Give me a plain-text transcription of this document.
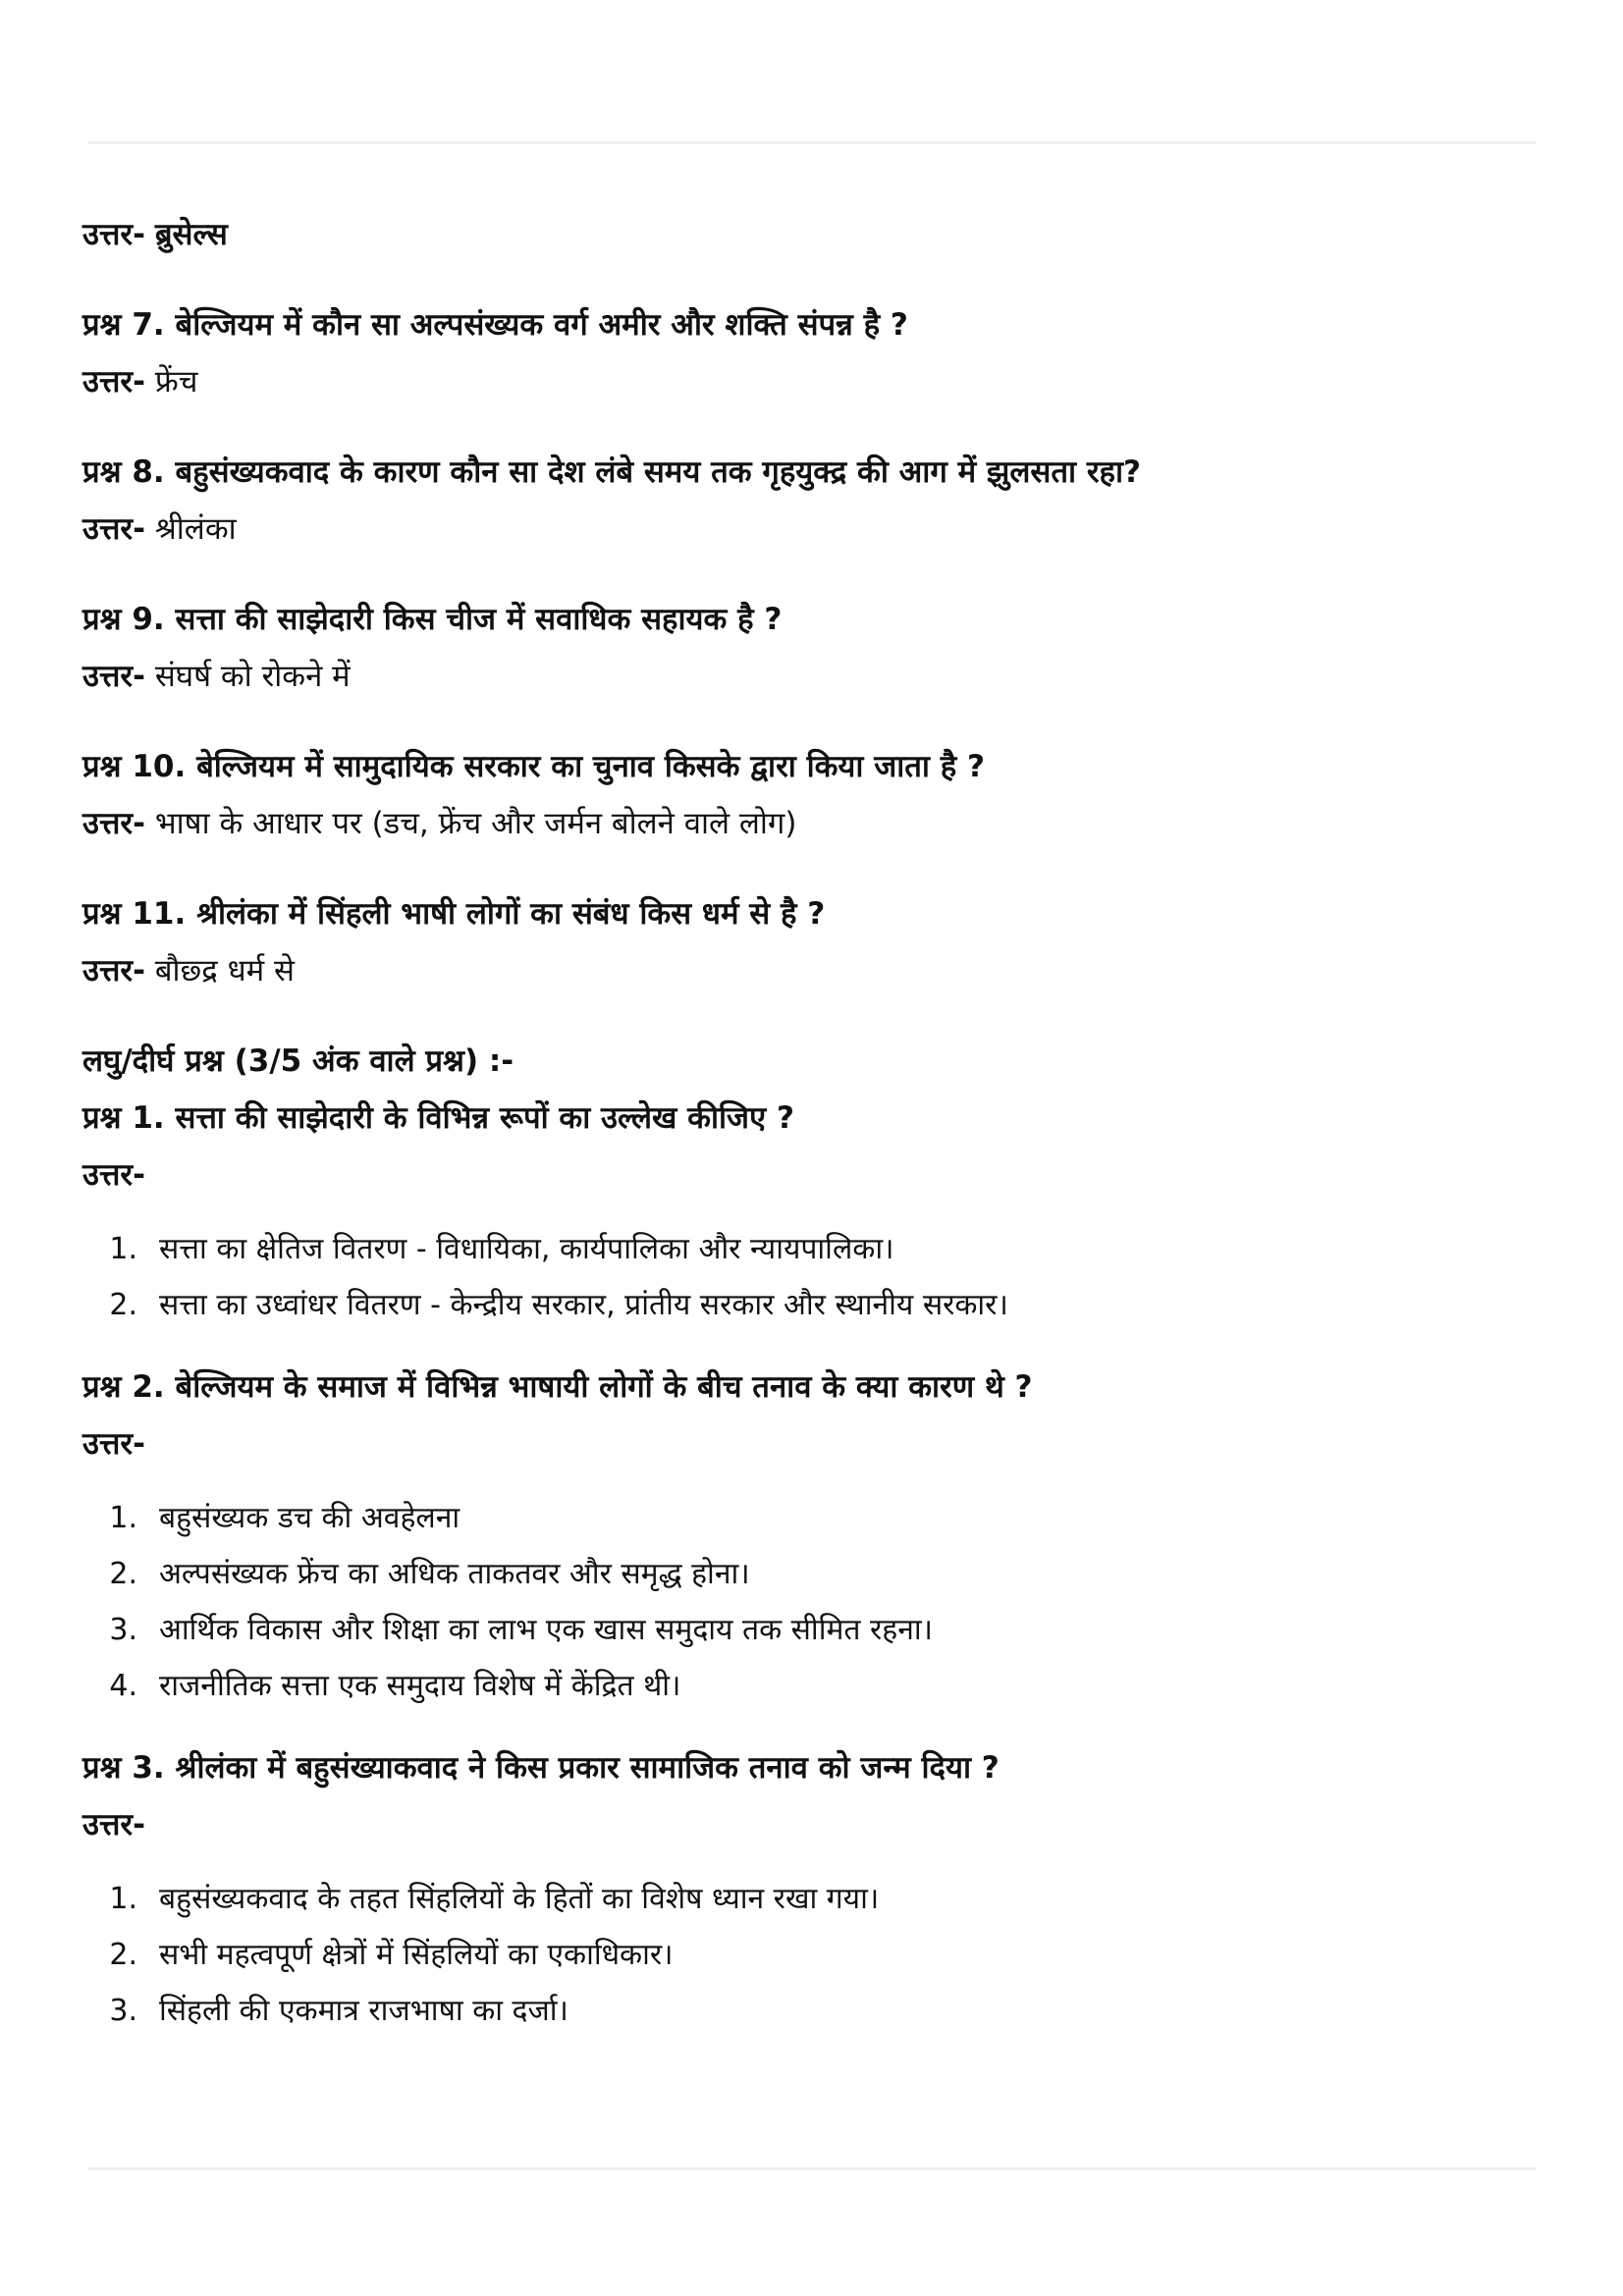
उत्तर- ब्रुसेल्स
प्रश्न 7. बेल्जियम में कौन सा अल्पसंख्यक वर्ग अमीर और शक्ति संपन्न है ?
उत्तर- फ्रेंच
प्रश्न 8. बहुसंख्यकवाद के कारण कौन सा देश लंबे समय तक गृहयुक्द्र की आग में झुलसता रहा?
उत्तर- श्रीलंका
प्रश्न 9. सत्ता की साझेदारी किस चीज में सवाधिक सहायक है ?
उत्तर- संघर्ष को रोकने में
प्रश्न 10. बेल्जियम में सामुदायिक सरकार का चुनाव किसके द्वारा किया जाता है ?
उत्तर- भाषा के आधार पर (डच, फ्रेंच और जर्मन बोलने वाले लोग)
प्रश्न 11. श्रीलंका में सिंहली भाषी लोगों का संबंध किस धर्म से है ?
उत्तर- बौछ्द्र धर्म से
लघु/दीर्घ प्रश्न (3/5 अंक वाले प्रश्न) :-
प्रश्न 1. सत्ता की साझेदारी के विभिन्न रूपों का उल्लेख कीजिए ?
उत्तर-
1. सत्ता का क्षेतिज वितरण - विधायिका, कार्यपालिका और न्यायपालिका।
2. सत्ता का उध्वांधर वितरण - केन्द्रीय सरकार, प्रांतीय सरकार और स्थानीय सरकार।
प्रश्न 2. बेल्जियम के समाज में विभिन्न भाषायी लोगों के बीच तनाव के क्या कारण थे ?
उत्तर-
1. बहुसंख्यक डच की अवहेलना
2. अल्पसंख्यक फ्रेंच का अधिक ताकतवर और समृद्ध होना।
3. आर्थिक विकास और शिक्षा का लाभ एक खास समुदाय तक सीमित रहना।
4. राजनीतिक सत्ता एक समुदाय विशेष में केंद्रित थी।
प्रश्न 3. श्रीलंका में बहुसंख्याकवाद ने किस प्रकार सामाजिक तनाव को जन्म दिया ?
उत्तर-
1. बहुसंख्यकवाद के तहत सिंहलियों के हितों का विशेष ध्यान रखा गया।
2. सभी महत्वपूर्ण क्षेत्रों में सिंहलियों का एकाधिकार।
3. सिंहली की एकमात्र राजभाषा का दर्जा।
